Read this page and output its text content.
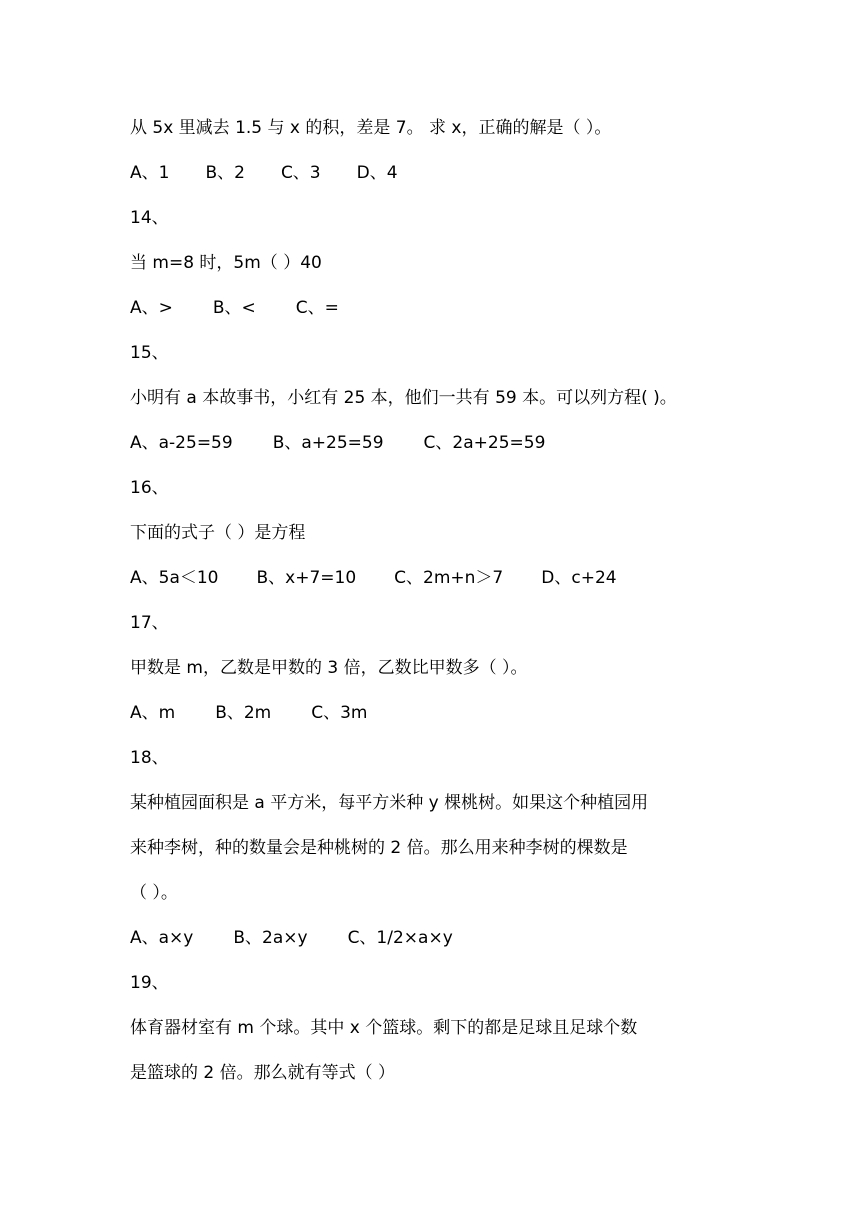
从 5x 里减去 1.5 与 x 的积，差是 7。 求 x，正确的解是（ ）。
A、1 B、2 C、3 D、4
14、
当 m=8 时，5m（ ）40
A、> B、< C、=
15、
小明有 a 本故事书，小红有 25 本，他们一共有 59 本。可以列方程( )。
A、a-25=59 B、a+25=59 C、2a+25=59
16、
下面的式子（ ）是方程
A、5a＜10 B、x+7=10 C、2m+n＞7 D、c+24
17、
甲数是 m，乙数是甲数的 3 倍，乙数比甲数多（ ）。
A、m B、2m C、3m
18、
某种植园面积是 a 平方米，每平方米种 y 棵桃树。如果这个种植园用
来种李树，种的数量会是种桃树的 2 倍。那么用来种李树的棵数是
（ ）。
A、a×y B、2a×y C、1/2×a×y
19、
体育器材室有 m 个球。其中 x 个篮球。剩下的都是足球且足球个数
是篮球的 2 倍。那么就有等式（ ）
